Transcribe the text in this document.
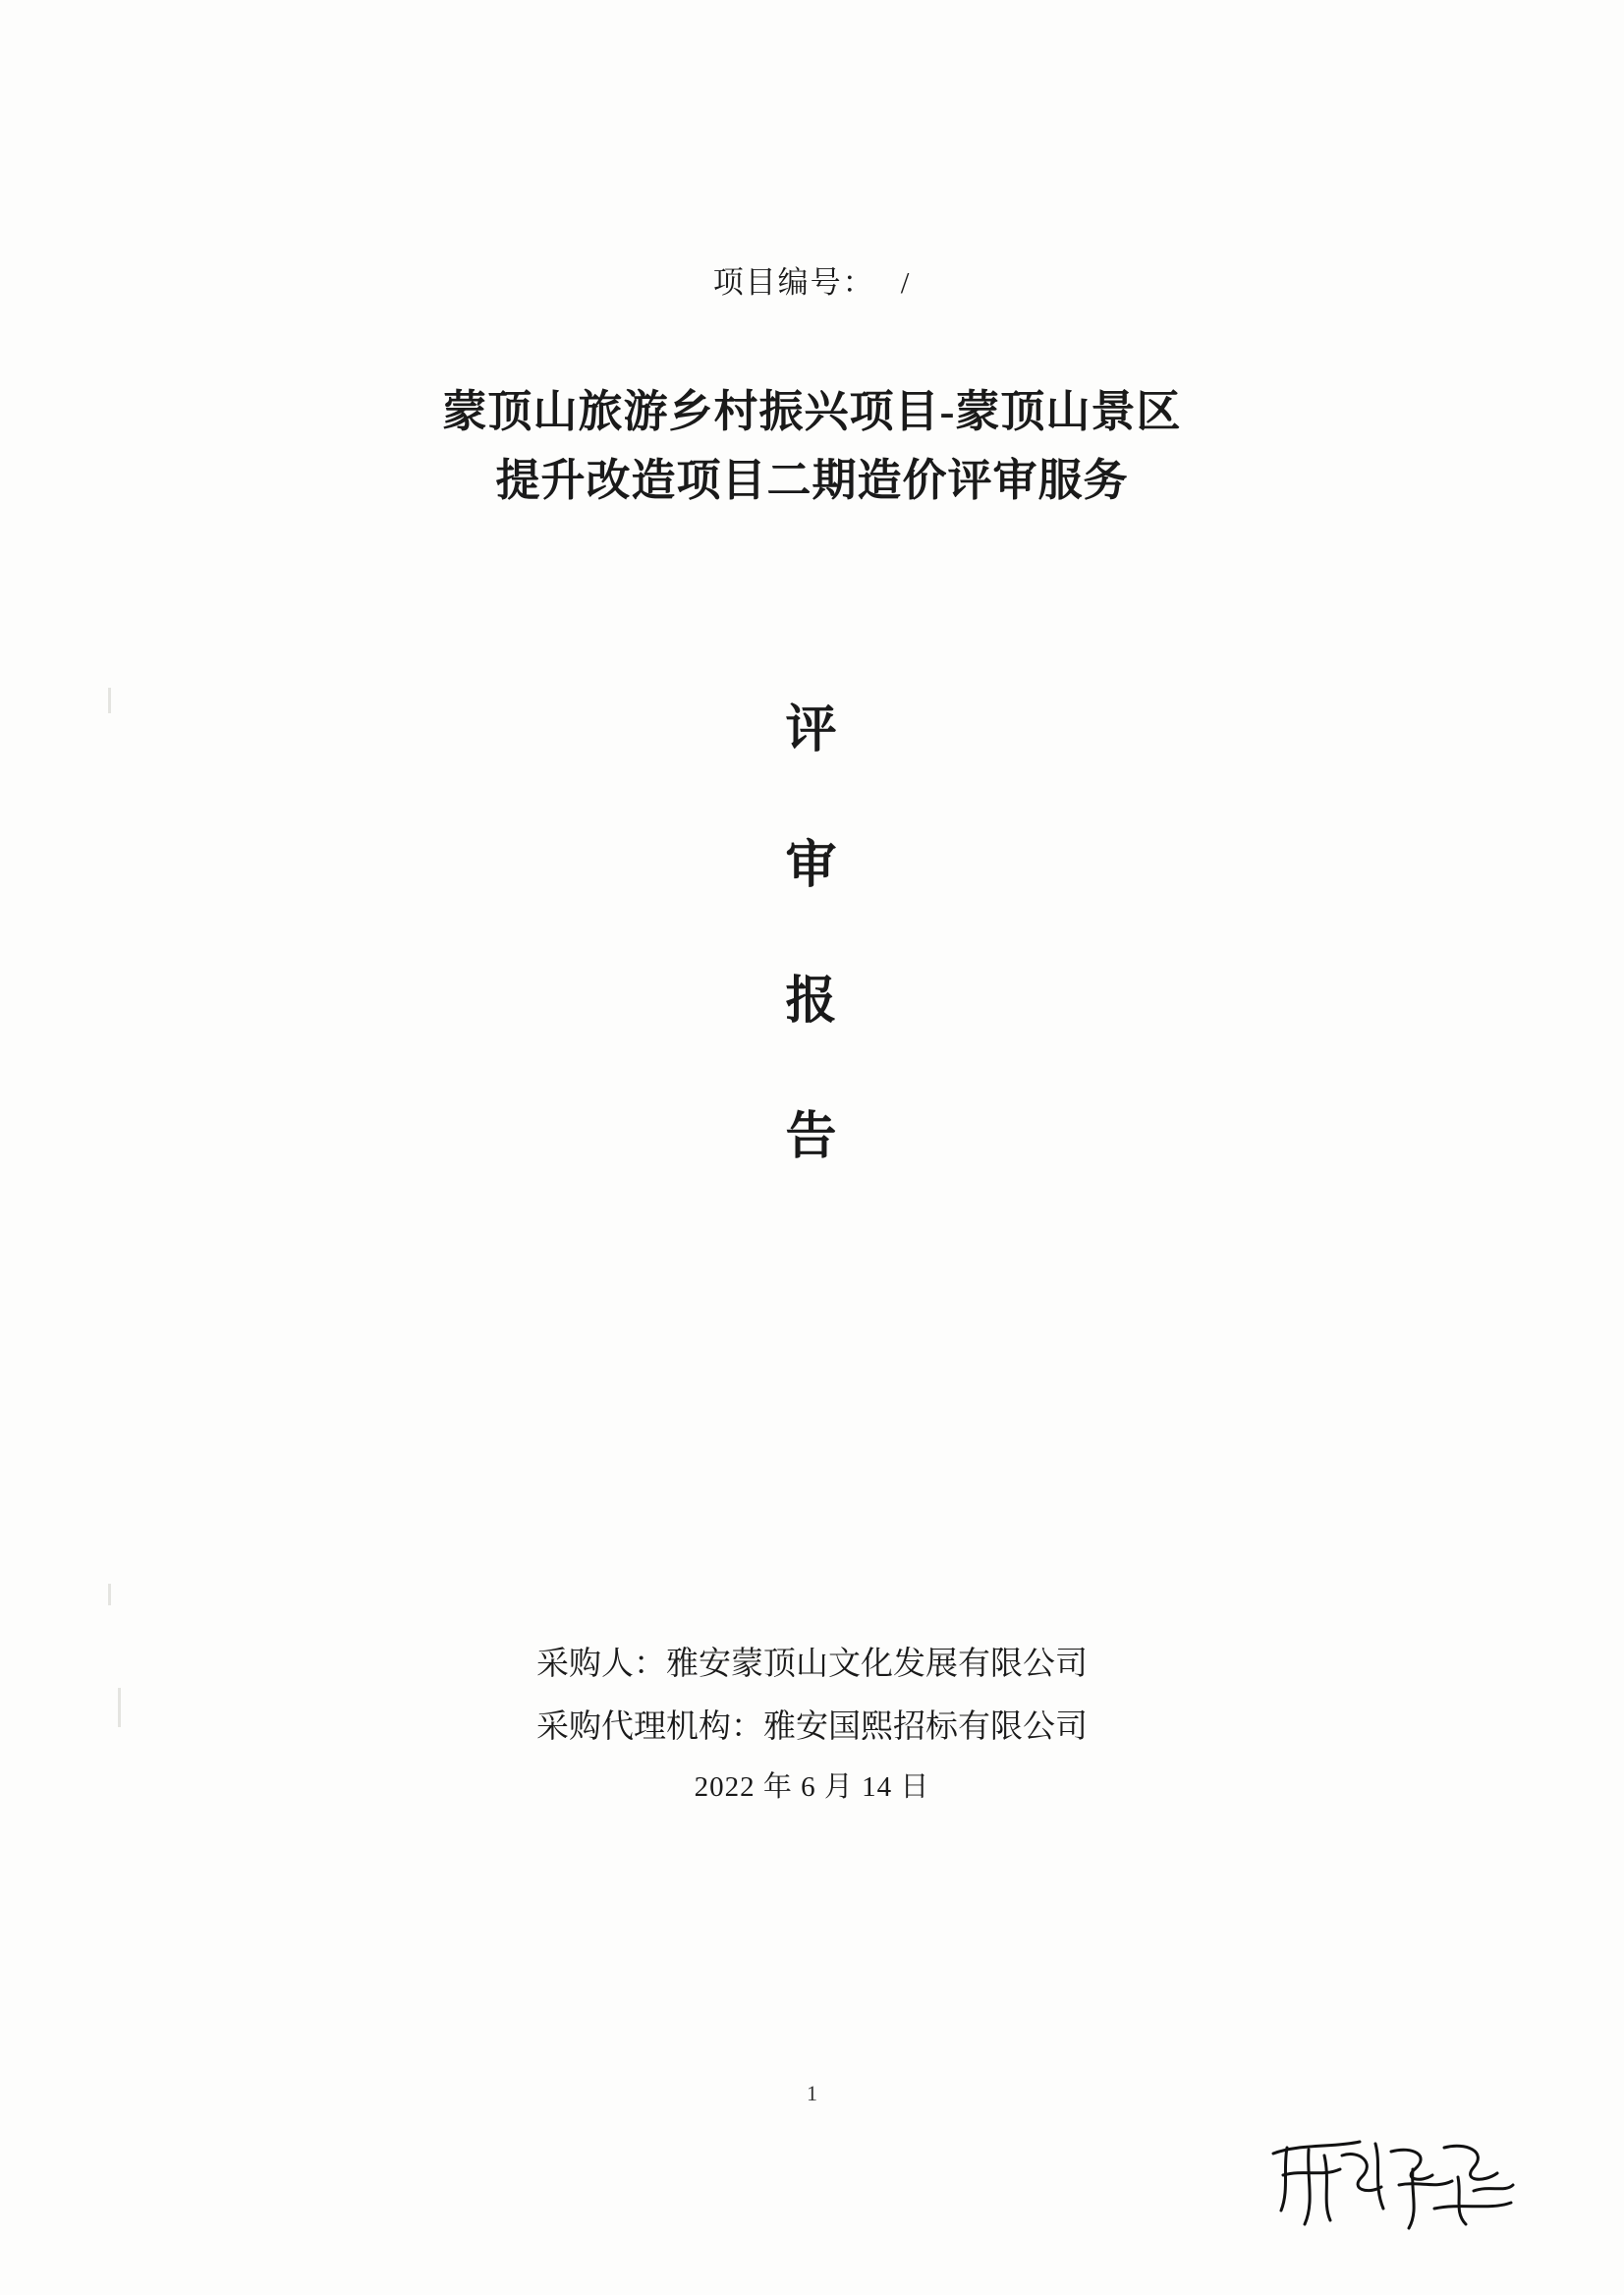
项目编号： /
蒙顶山旅游乡村振兴项目-蒙顶山景区
提升改造项目二期造价评审服务
评
审
报
告
采购人：雅安蒙顶山文化发展有限公司
采购代理机构：雅安国熙招标有限公司
2022 年 6 月 14 日
1
